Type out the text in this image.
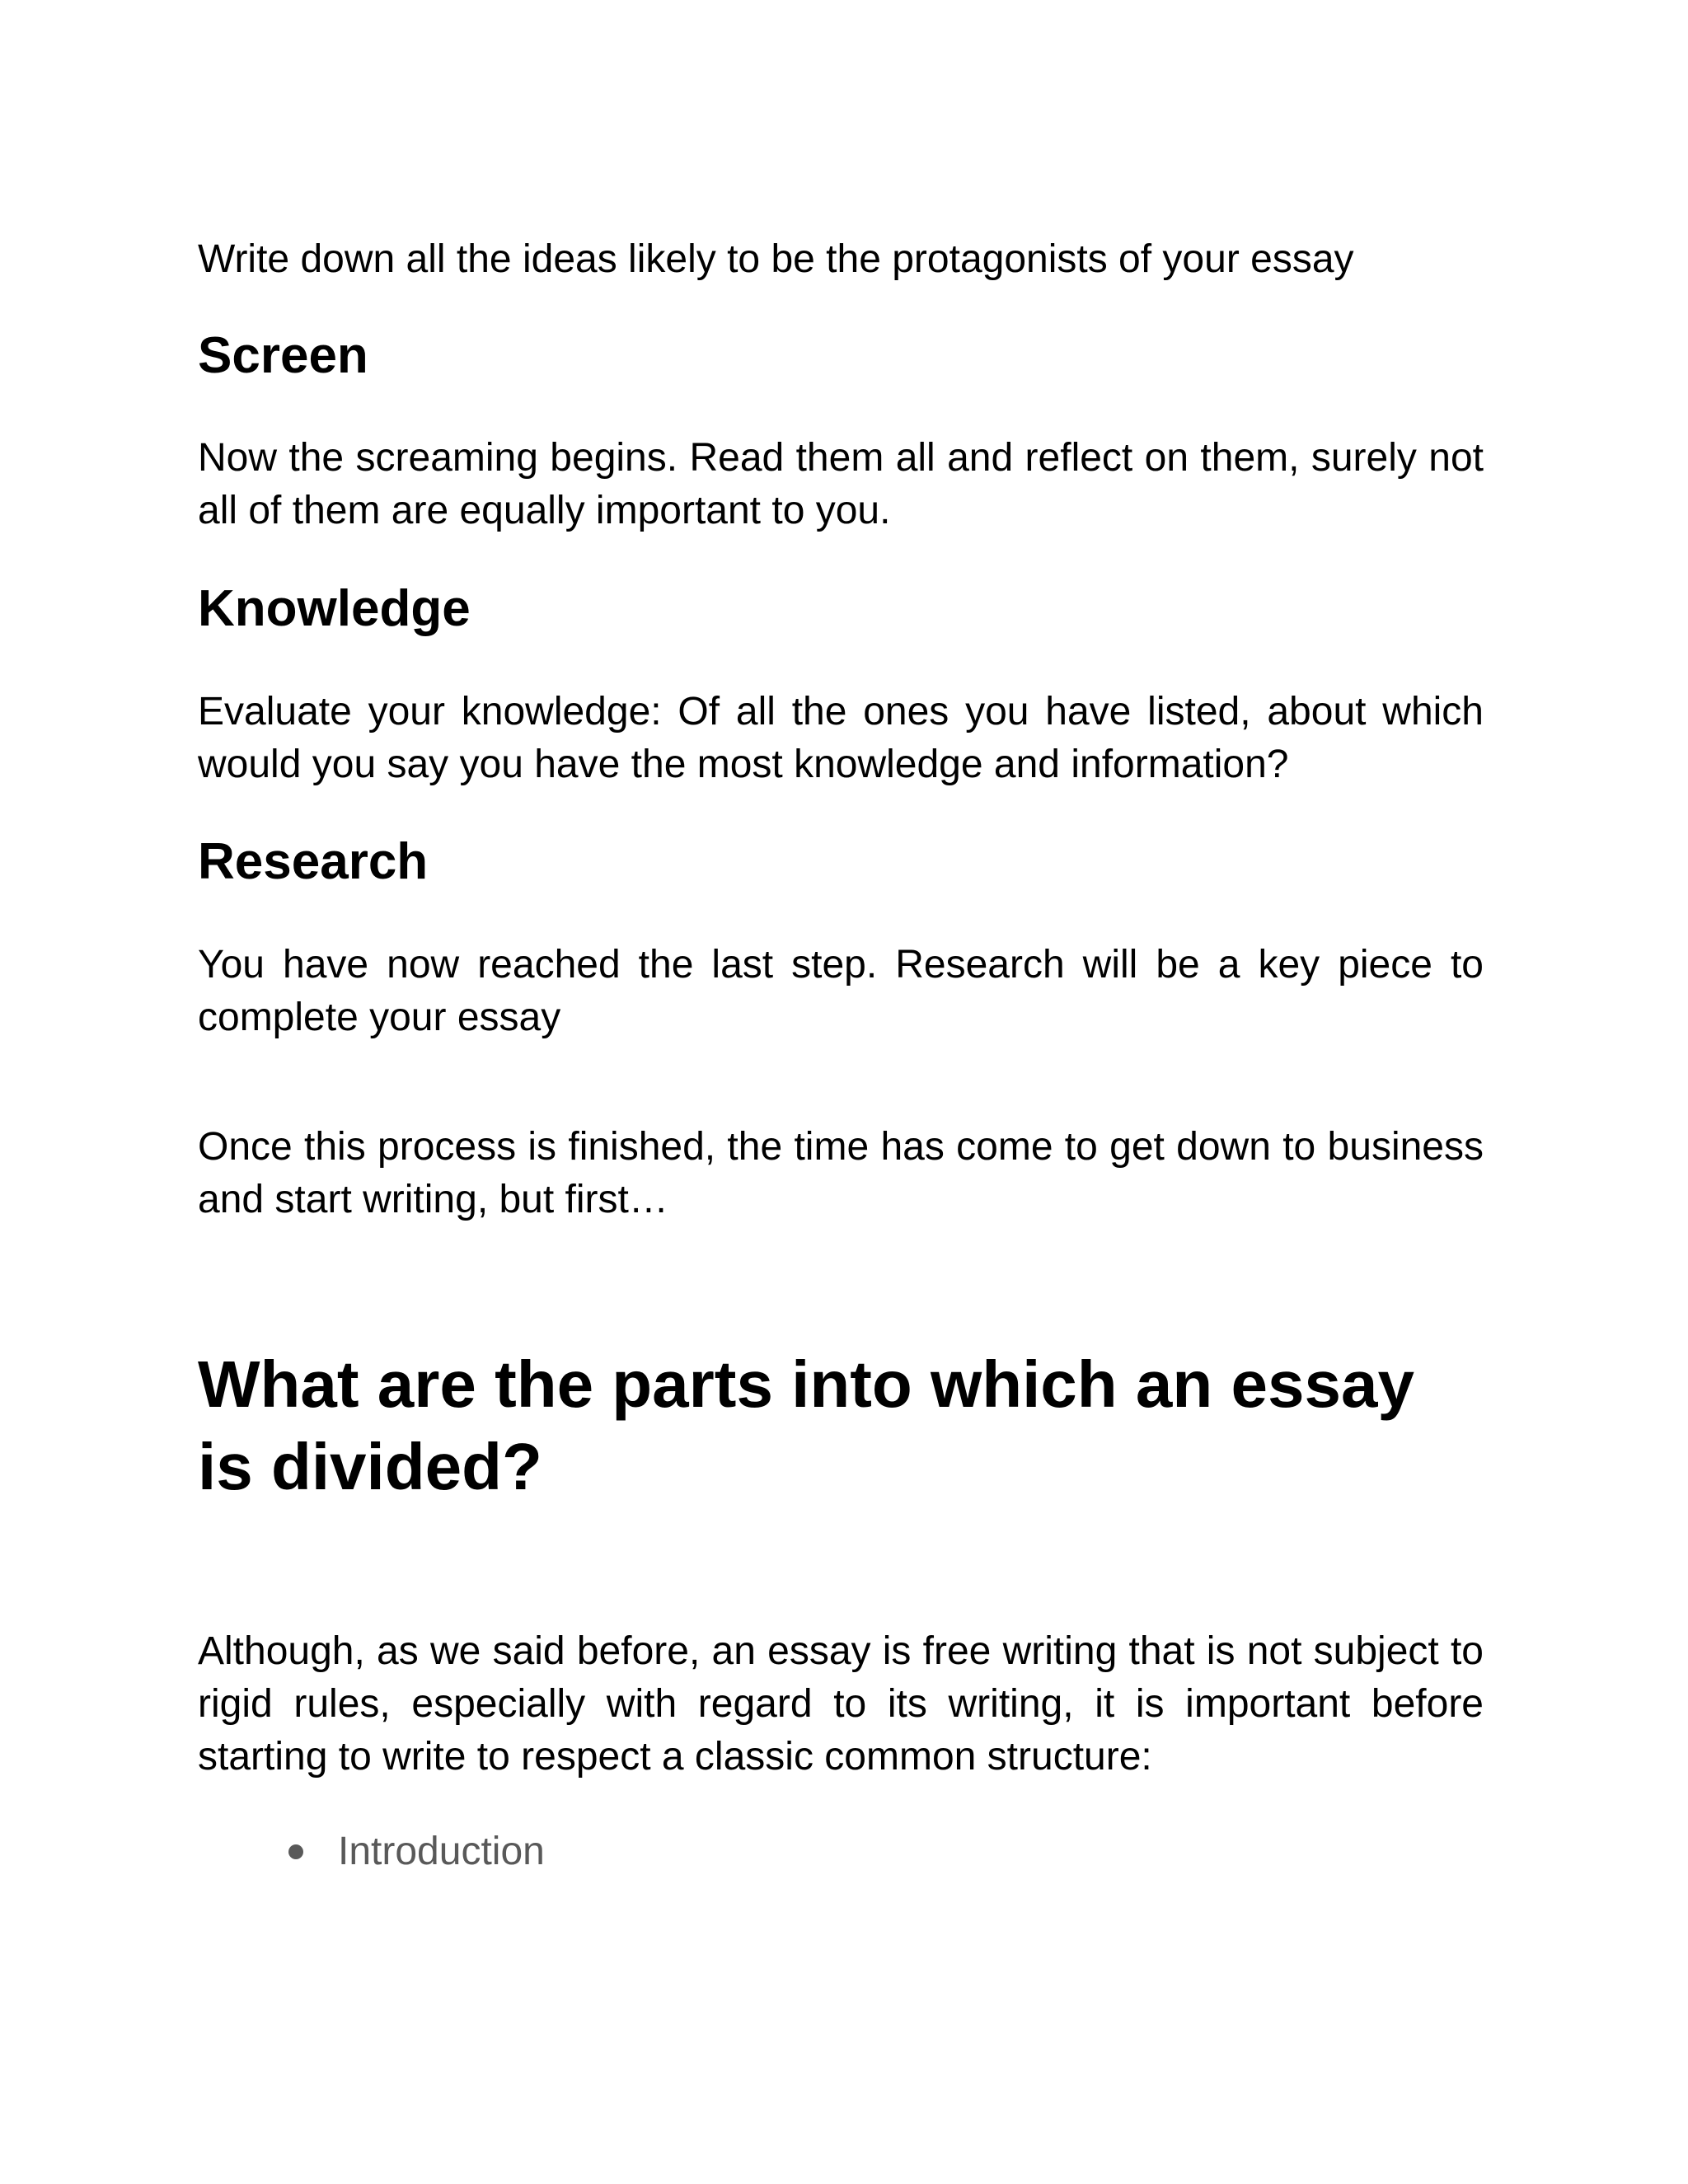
Write down all the ideas likely to be the protagonists of your essay

Screen

Now the screaming begins. Read them all and reflect on them, surely not all of them are equally important to you.

Knowledge

Evaluate your knowledge: Of all the ones you have listed, about which would you say you have the most knowledge and information?

Research

You have now reached the last step. Research will be a key piece to complete your essay

Once this process is finished, the time has come to get down to business and start writing, but first…

What are the parts into which an essay is divided?

Although, as we said before, an essay is free writing that is not subject to rigid rules, especially with regard to its writing, it is important before starting to write to respect a classic common structure:

Introduction
